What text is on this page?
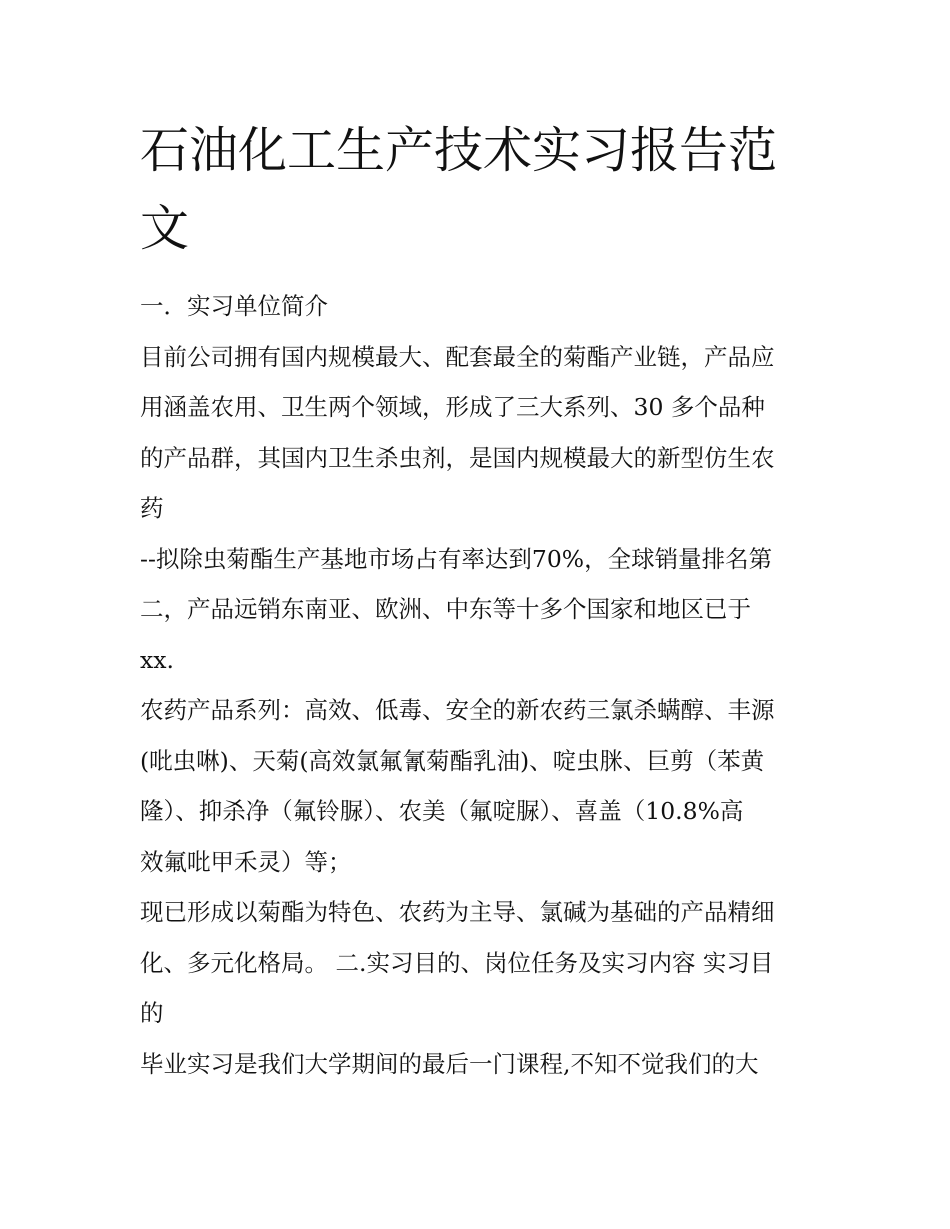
石油化工生产技术实习报告范
文
一．实习单位简介
目前公司拥有国内规模最大、配套最全的菊酯产业链，产品应
用涵盖农用、卫生两个领域，形成了三大系列、30 多个品种
的产品群，其国内卫生杀虫剂，是国内规模最大的新型仿生农
药
--拟除虫菊酯生产基地市场占有率达到70%，全球销量排名第
二，产品远销东南亚、欧洲、中东等十多个国家和地区已于
xx.
农药产品系列：高效、低毒、安全的新农药三氯杀螨醇、丰源
(吡虫啉)、天菊(高效氯氟氰菊酯乳油)、啶虫脒、巨剪（苯黄
隆）、抑杀净（氟铃脲）、农美（氟啶脲）、喜盖（10.8%高
效氟吡甲禾灵）等；
现已形成以菊酯为特色、农药为主导、氯碱为基础的产品精细
化、多元化格局。 二.实习目的、岗位任务及实习内容 实习目
的
毕业实习是我们大学期间的最后一门课程,不知不觉我们的大
